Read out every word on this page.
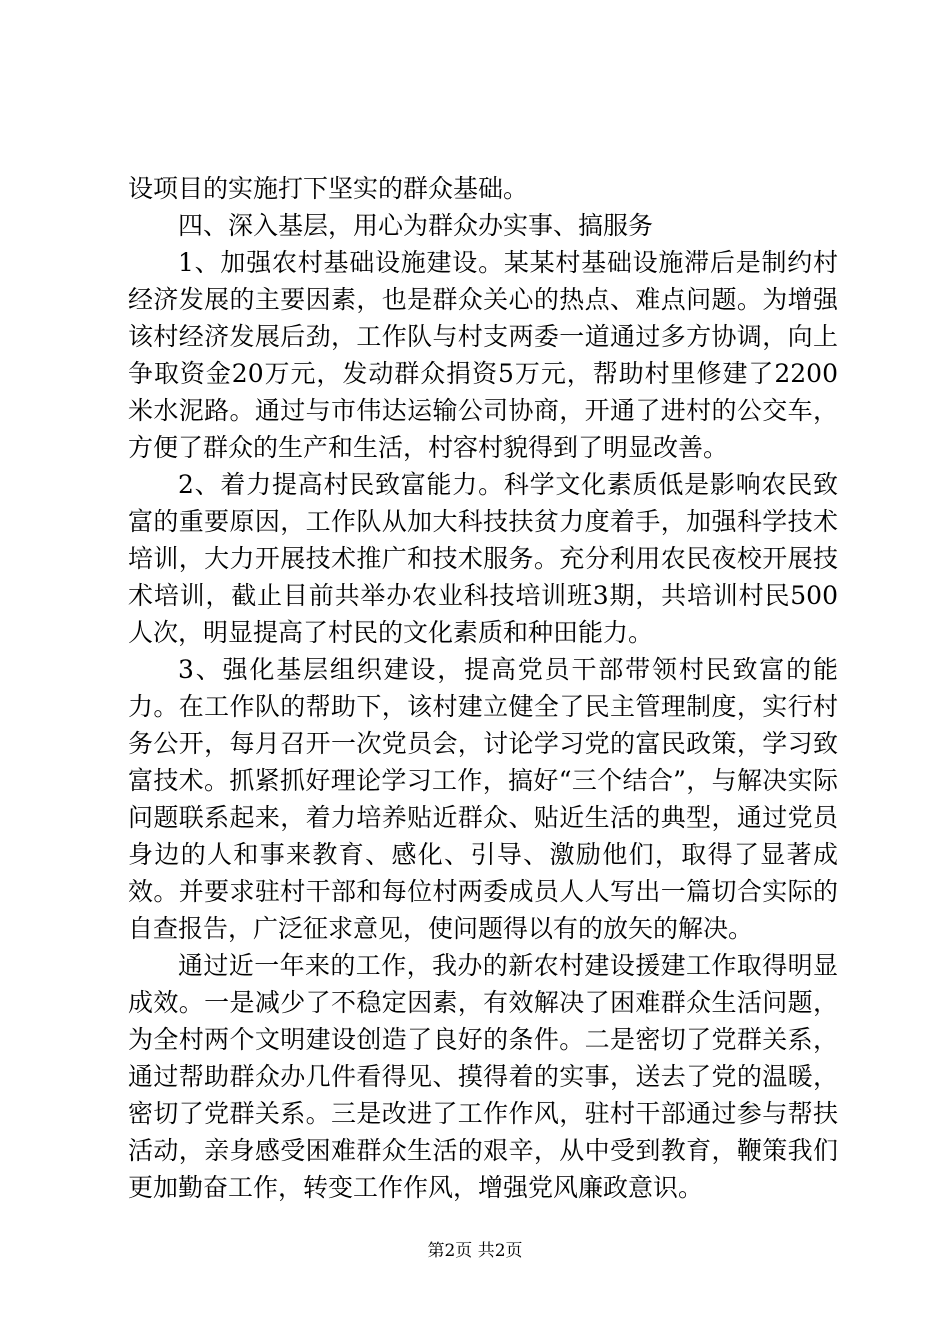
设项目的实施打下坚实的群众基础。

四、深入基层，用心为群众办实事、搞服务

1、加强农村基础设施建设。某某村基础设施滞后是制约村经济发展的主要因素，也是群众关心的热点、难点问题。为增强该村经济发展后劲，工作队与村支两委一道通过多方协调，向上争取资金20万元，发动群众捐资5万元，帮助村里修建了2200米水泥路。通过与市伟达运输公司协商，开通了进村的公交车，方便了群众的生产和生活，村容村貌得到了明显改善。

2、着力提高村民致富能力。科学文化素质低是影响农民致富的重要原因，工作队从加大科技扶贫力度着手，加强科学技术培训，大力开展技术推广和技术服务。充分利用农民夜校开展技术培训，截止目前共举办农业科技培训班3期，共培训村民500人次，明显提高了村民的文化素质和种田能力。

3、强化基层组织建设，提高党员干部带领村民致富的能力。在工作队的帮助下，该村建立健全了民主管理制度，实行村务公开，每月召开一次党员会，讨论学习党的富民政策，学习致富技术。抓紧抓好理论学习工作，搞好“三个结合”，与解决实际问题联系起来，着力培养贴近群众、贴近生活的典型，通过党员身边的人和事来教育、感化、引导、激励他们，取得了显著成效。并要求驻村干部和每位村两委成员人人写出一篇切合实际的自查报告，广泛征求意见，使问题得以有的放矢的解决。

通过近一年来的工作，我办的新农村建设援建工作取得明显成效。一是减少了不稳定因素，有效解决了困难群众生活问题，为全村两个文明建设创造了良好的条件。二是密切了党群关系，通过帮助群众办几件看得见、摸得着的实事，送去了党的温暖，密切了党群关系。三是改进了工作作风，驻村干部通过参与帮扶活动，亲身感受困难群众生活的艰辛，从中受到教育，鞭策我们更加勤奋工作，转变工作作风，增强党风廉政意识。

第2页 共2页
